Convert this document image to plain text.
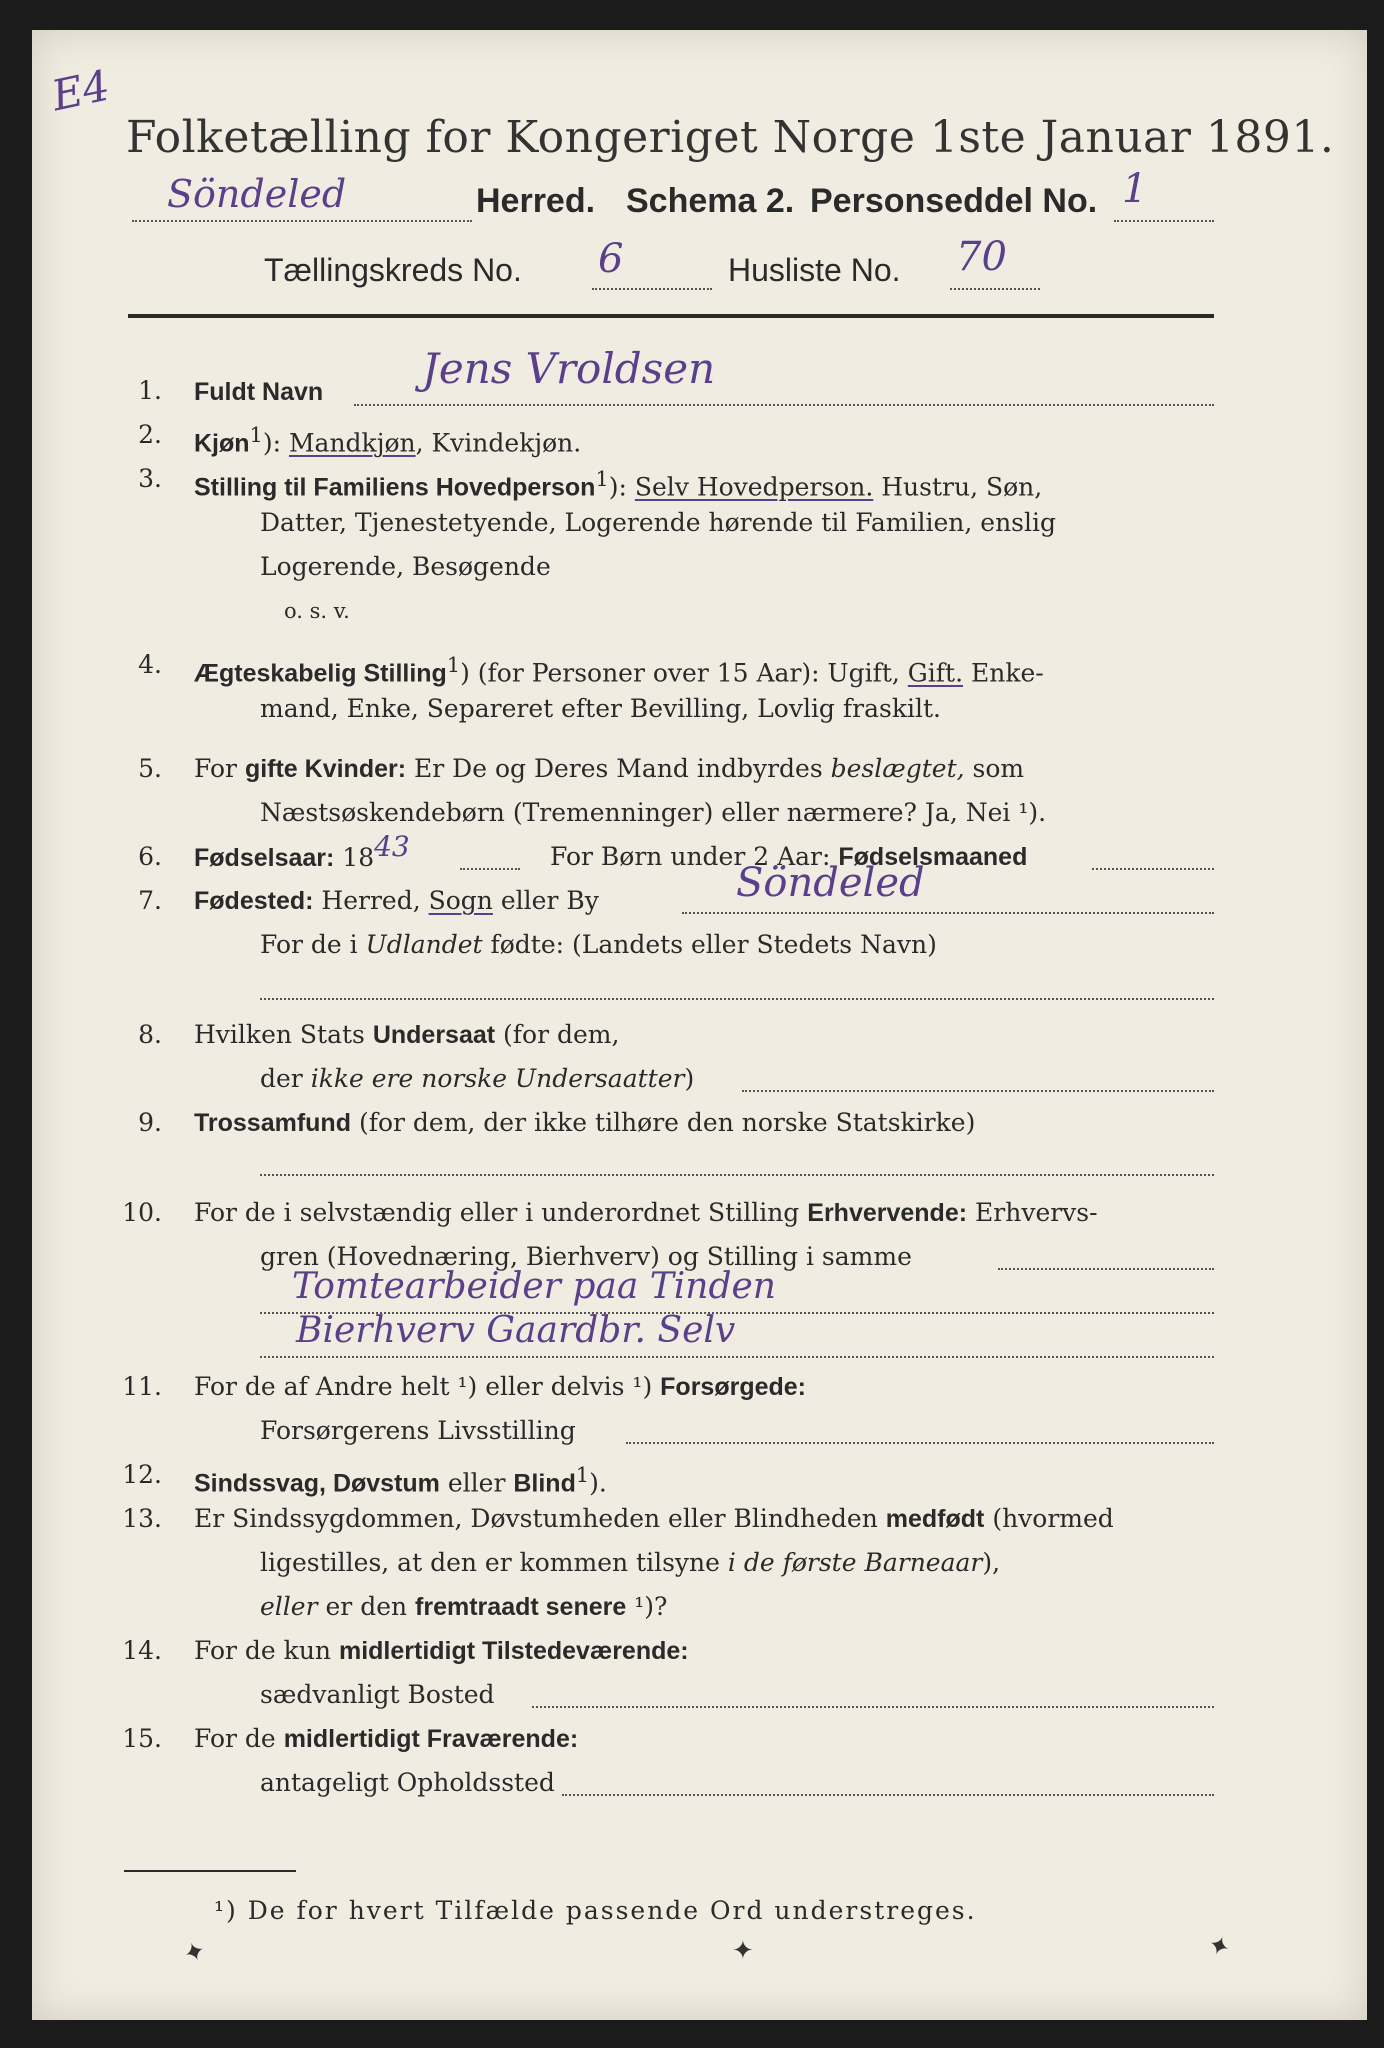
E4
Folketælling for Kongeriget Norge 1ste Januar 1891.
Söndeled	Herred. Schema 2. Personseddel No. 1
Tællingskreds No. 6	Husliste No. 70
1. Fuldt Navn Jens Vroldsen
2. Kjøn$^1$): Mandkjøn, Kvindekjøn.
3. Stilling til Familiens Hovedperson$^1$): Selv Hovedperson. Hustru, Søn,
Datter, Tjenestetyende, Logerende hørende til Familien, enslig
Logerende, Besøgende
o. s. v.
4. Ægteskabelig Stilling$^1$) (for Personer over 15 Aar): Ugift, Gift. Enke-
mand, Enke, Separeret efter Bevilling, Lovlig fraskilt.
5. For gifte Kvinder: Er De og Deres Mand indbyrdes beslægtet, som
Næstsøskendebørn (Tremenninger) eller nærmere? Ja, Nei ¹).
6. Fødselsaar: 1843	For Børn under 2 Aar: Fødselsmaaned
7. Fødested: Herred, Sogn eller By	Söndeled
For de i Udlandet fødte: (Landets eller Stedets Navn)
8. Hvilken Stats Undersaat (for dem,
der ikke ere norske Undersaatter)
9. Trossamfund (for dem, der ikke tilhøre den norske Statskirke)
10. For de i selvstændig eller i underordnet Stilling Erhvervende: Erhvervs-
gren (Hovednæring, Bierhverv) og Stilling i samme
Tomtearbeider paa Tinden
Bierhverv Gaardbr. Selv
11. For de af Andre helt ¹) eller delvis ¹) Forsørgede:
Forsørgerens Livsstilling
12. Sindssvag, Døvstum eller Blind$^1$).
13. Er Sindssygdommen, Døvstumheden eller Blindheden medfødt (hvormed
ligestilles, at den er kommen tilsyne i de første Barneaar),
eller er den fremtraadt senere ¹)?
14. For de kun midlertidigt Tilstedeværende:
sædvanligt Bosted
15. For de midlertidigt Fraværende:
antageligt Opholdssted
¹) De for hvert Tilfælde passende Ord understreges.
✦	✦	✦
